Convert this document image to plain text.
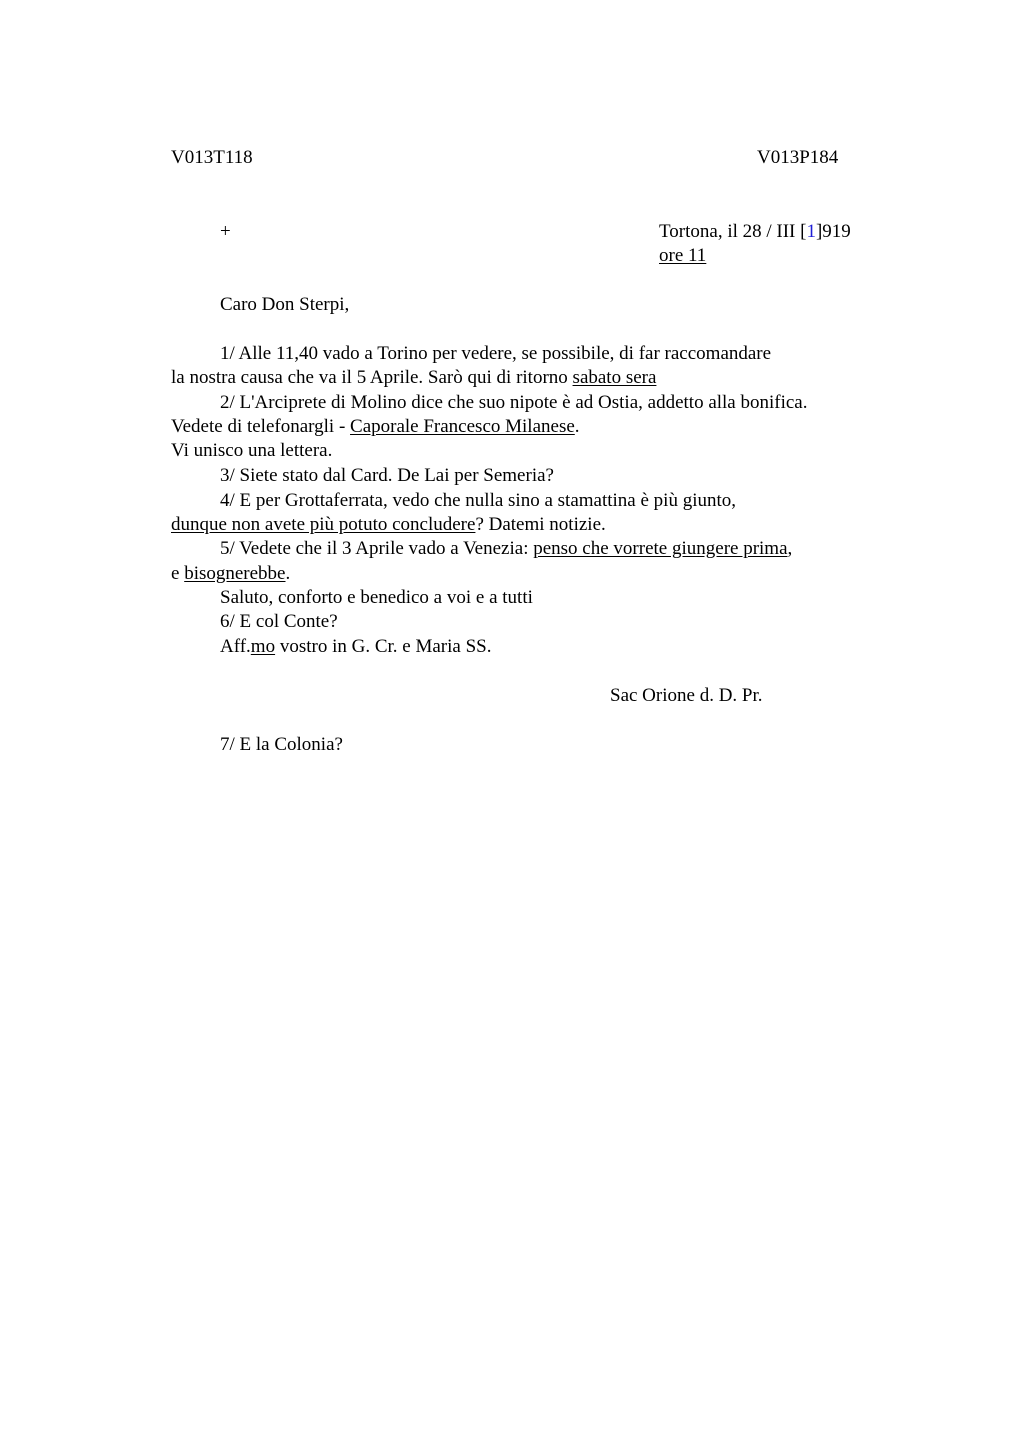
V013T118	V013P184
+	Tortona, il 28 / III [1]919
ore 11
Caro Don Sterpi,
1/ Alle 11,40 vado a Torino per vedere, se possibile, di far raccomandare
la nostra causa che va il 5 Aprile. Sarò qui di ritorno sabato sera
2/ L'Arciprete di Molino dice che suo nipote è ad Ostia, addetto alla bonifica.
Vedete di telefonargli - Caporale Francesco Milanese.
Vi unisco una lettera.
3/ Siete stato dal Card. De Lai per Semeria?
4/ E per Grottaferrata, vedo che nulla sino a stamattina è più giunto,
dunque non avete più potuto concludere? Datemi notizie.
5/ Vedete che il 3 Aprile vado a Venezia: penso che vorrete giungere prima,
e bisognerebbe.
Saluto, conforto e benedico a voi e a tutti
6/ E col Conte?
Aff.mo vostro in G. Cr. e Maria SS.
Sac Orione d. D. Pr.
7/ E la Colonia?
